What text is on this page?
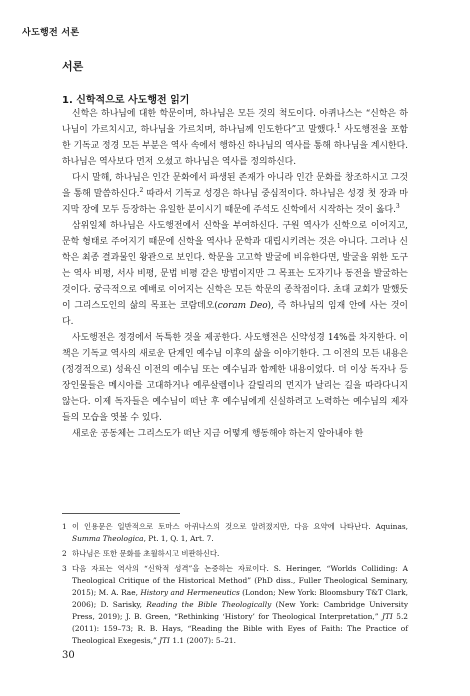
사도행전 서론
서론
1. 신학적으로 사도행전 읽기

신학은 하나님에 대한 학문이며, 하나님은 모든 것의 척도이다. 아퀴나스는 “신학은 하나님이 가르치시고, 하나님을 가르치며, 하나님께 인도한다”고 말했다.$^1$ 사도행전을 포함한 기독교 정경 모든 부분은 역사 속에서 행하신 하나님의 역사를 통해 하나님을 계시한다. 하나님은 역사보다 먼저 오셨고 하나님은 역사를 정의하신다.

다시 말해, 하나님은 인간 문화에서 파생된 존재가 아니라 인간 문화를 창조하시고 그것을 통해 말씀하신다.$^2$ 따라서 기독교 성경은 하나님 중심적이다. 하나님은 성경 첫 장과 마지막 장에 모두 등장하는 유일한 분이시기 때문에 주석도 신학에서 시작하는 것이 옳다.$^3$

삼위일체 하나님은 사도행전에서 신학을 부여하신다. 구원 역사가 신학으로 이어지고, 문학 형태로 주어지기 때문에 신학을 역사나 문학과 대립시키려는 것은 아니다. 그러나 신학은 최종 결과물인 왕관으로 보인다. 학문을 고고학 발굴에 비유한다면, 발굴을 위한 도구는 역사 비평, 서사 비평, 문법 비평 같은 방법이지만 그 목표는 도자기나 동전을 발굴하는 것이다. 궁극적으로 예배로 이어지는 신학은 모든 학문의 종착점이다. 초대 교회가 말했듯이 그리스도인의 삶의 목표는 코람데오(coram Deo), 즉 하나님의 임재 안에 사는 것이다.

사도행전은 정경에서 독특한 것을 제공한다. 사도행전은 신약성경 14%를 차지한다. 이 책은 기독교 역사의 새로운 단계인 예수님 이후의 삶을 이야기한다. 그 이전의 모든 내용은 (정경적으로) 성육신 이전의 예수님 또는 예수님과 함께한 내용이었다. 더 이상 독자나 등장인물들은 메시아를 고대하거나 예루살렘이나 갈릴리의 먼지가 날리는 길을 따라다니지 않는다. 이제 독자들은 예수님이 떠난 후 예수님에게 신실하려고 노력하는 예수님의 제자들의 모습을 엿볼 수 있다.

새로운 공동체는 그리스도가 떠난 지금 어떻게 행동해야 하는지 알아내야 한

1 이 인용문은 일반적으로 토마스 아퀴나스의 것으로 알려졌지만, 다음 요약에 나타난다. Aquinas, Summa Theologica, Pt. 1, Q. 1, Art. 7.
2 하나님은 또한 문화를 초월하시고 비판하신다.
3 다음 자료는 역사의 “신학적 성격”을 논증하는 자료이다. S. Heringer, “Worlds Colliding: A Theological Critique of the Historical Method” (PhD diss., Fuller Theological Seminary, 2015); M. A. Rae, History and Hermeneutics (London; New York: Bloomsbury T&T Clark, 2006); D. Sarisky, Reading the Bible Theologically (New York: Cambridge University Press, 2019); J. B. Green, “Rethinking ‘History’ for Theological Interpretation,” JTI 5.2 (2011): 159–73; R. B. Hays, “Reading the Bible with Eyes of Faith: The Practice of Theological Exegesis,” JTI 1.1 (2007): 5–21.
30
